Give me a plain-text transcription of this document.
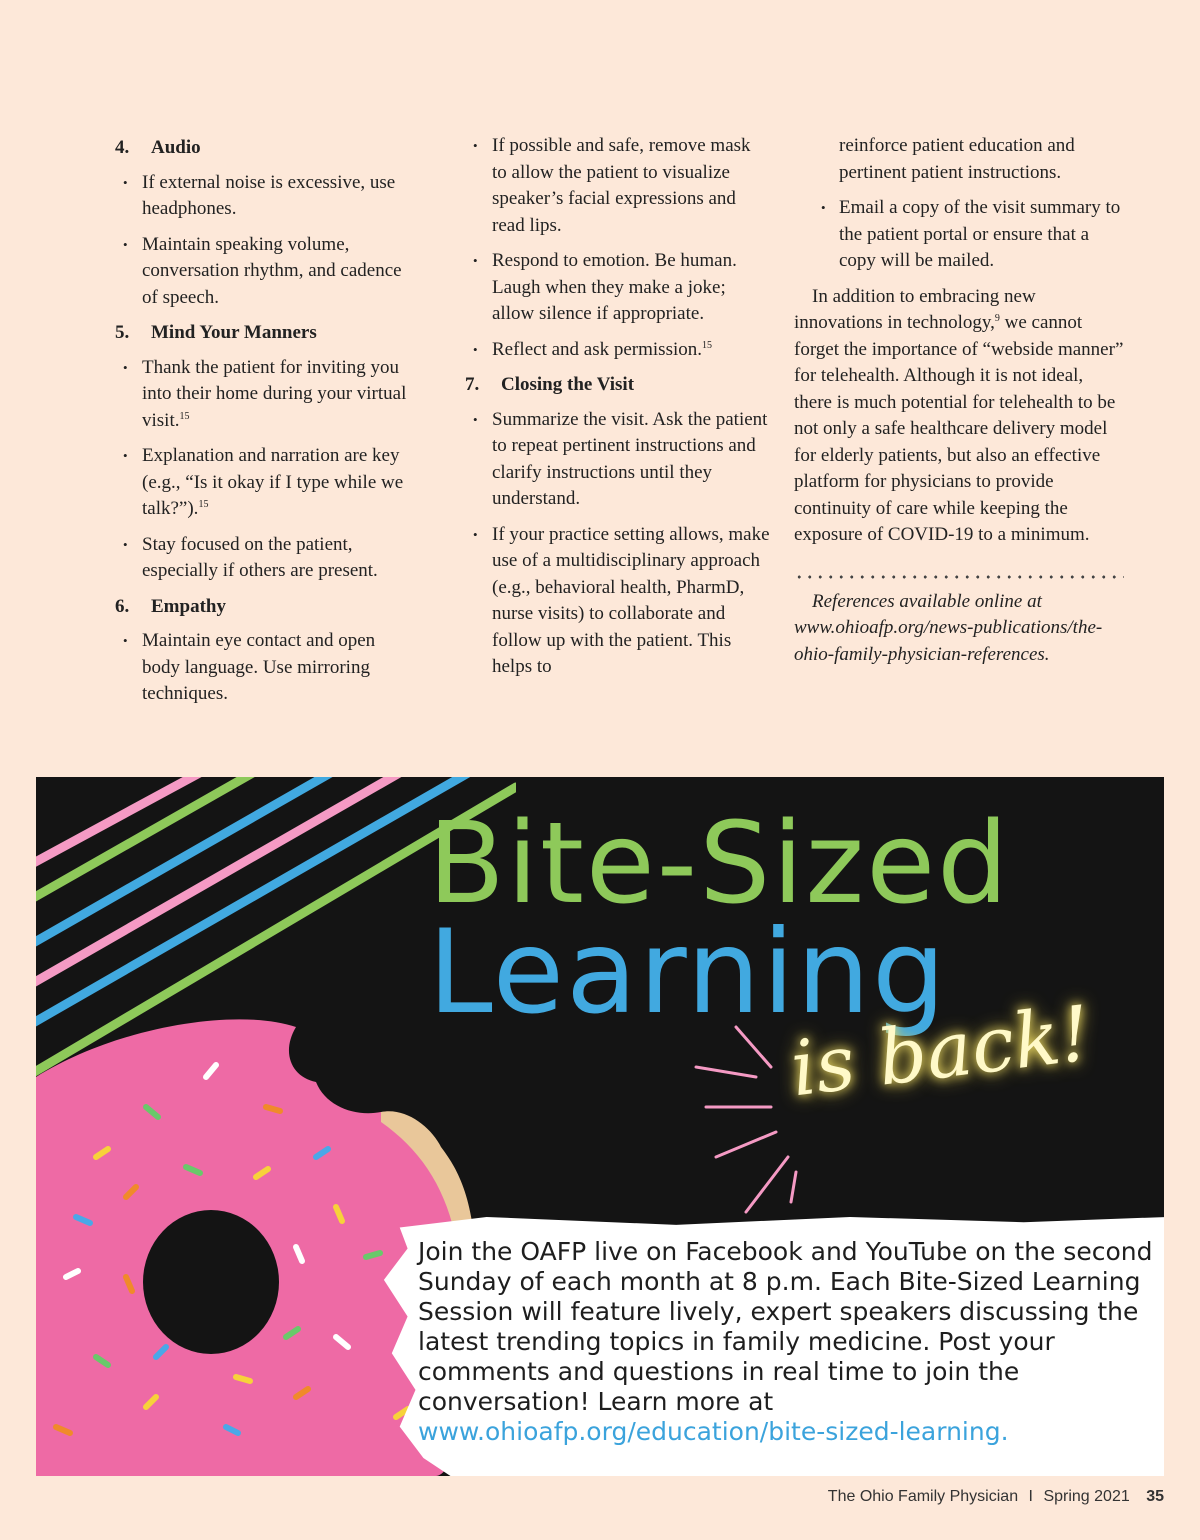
4. Audio
• If external noise is excessive, use headphones.
• Maintain speaking volume, conversation rhythm, and cadence of speech.
5. Mind Your Manners
• Thank the patient for inviting you into their home during your virtual visit.$^{15}$
• Explanation and narration are key (e.g., “Is it okay if I type while we talk?”).$^{15}$
• Stay focused on the patient, especially if others are present.
6. Empathy
• Maintain eye contact and open body language. Use mirroring techniques.
• If possible and safe, remove mask to allow the patient to visualize speaker’s facial expressions and read lips.
• Respond to emotion. Be human. Laugh when they make a joke; allow silence if appropriate.
• Reflect and ask permission.$^{15}$
7. Closing the Visit
• Summarize the visit. Ask the patient to repeat pertinent instructions and clarify instructions until they understand.
• If your practice setting allows, make use of a multidisciplinary approach (e.g., behavioral health, PharmD, nurse visits) to collaborate and follow up with the patient. This helps to
reinforce patient education and pertinent patient instructions.
• Email a copy of the visit summary to the patient portal or ensure that a copy will be mailed.

In addition to embracing new innovations in technology,$^9$ we cannot forget the importance of “webside manner” for telehealth. Although it is not ideal, there is much potential for telehealth to be not only a safe healthcare delivery model for elderly patients, but also an effective platform for physicians to provide continuity of care while keeping the exposure of COVID-19 to a minimum.

References available online at www.ohioafp.org/news-publications/the-ohio-family-physician-references.

Bite-Sized
Learning
is back!
Join the OAFP live on Facebook and YouTube on the second Sunday of each month at 8 p.m. Each Bite-Sized Learning Session will feature lively, expert speakers discussing the latest trending topics in family medicine. Post your comments and questions in real time to join the conversation! Learn more at
www.ohioafp.org/education/bite-sized-learning.
The Ohio Family Physician I Spring 2021 35
